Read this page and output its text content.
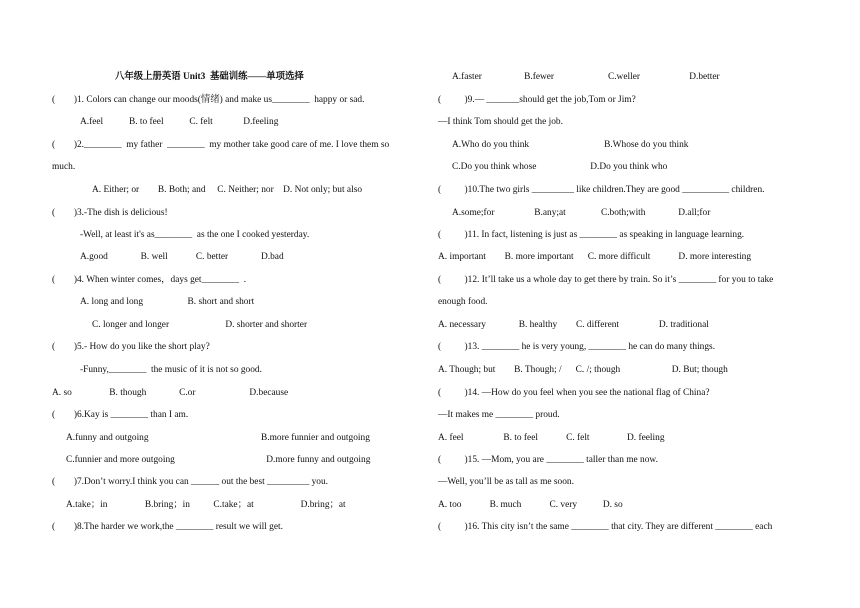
八年级上册英语 Unit3  基础训练——单项选择
(        )1. Colors can change our moods(情绪) and make us________  happy or sad.
A.feel           B. to feel           C. felt             D.feeling
(        )2.________  my father  ________  my mother take good care of me. I love them so
much.
A. Either; or        B. Both; and     C. Neither; nor    D. Not only; but also
(        )3.-The dish is delicious!
-Well, at least it's as________  as the one I cooked yesterday.
A.good              B. well            C. better              D.bad
(        )4. When winter comes，days get________  .
A. long and long                   B. short and short
C. longer and longer                        D. shorter and shorter
(        )5.- How do you like the short play?
-Funny,________  the music of it is not so good.
A. so                B. though              C.or                       D.because
(        )6.Kay is ________ than I am.
A.funny and outgoing                                                B.more funnier and outgoing
C.funnier and more outgoing                                       D.more funny and outgoing
(        )7.Don’t worry.I think you can ______ out the best _________ you.
A.take；in                B.bring；in          C.take；at                    D.bring；at
(        )8.The harder we work,the ________ result we will get.
A.faster                  B.fewer                       C.weller                     D.better
(          )9.— _______should get the job,Tom or Jim?
—I think Tom should get the job.
A.Who do you think                                B.Whose do you think
C.Do you think whose                       D.Do you think who
(          )10.The two girls _________ like children.They are good __________ children.
A.some;for                 B.any;at               C.both;with              D.all;for
(          )11. In fact, listening is just as ________ as speaking in language learning.
A. important        B. more important      C. more difficult            D. more interesting
(          )12. It’ll take us a whole day to get there by train. So it’s ________ for you to take
enough food.
A. necessary              B. healthy        C. different                 D. traditional
(          )13. ________ he is very young, ________ he can do many things.
A. Though; but        B. Though; /      C. /; though                      D. But; though
(          )14. —How do you feel when you see the national flag of China?
—It makes me ________ proud.
A. feel                 B. to feel            C. felt                D. feeling
(          )15. —Mom, you are ________ taller than me now.
—Well, you’ll be as tall as me soon.
A. too            B. much            C. very           D. so
(          )16. This city isn’t the same ________ that city. They are different ________ each
